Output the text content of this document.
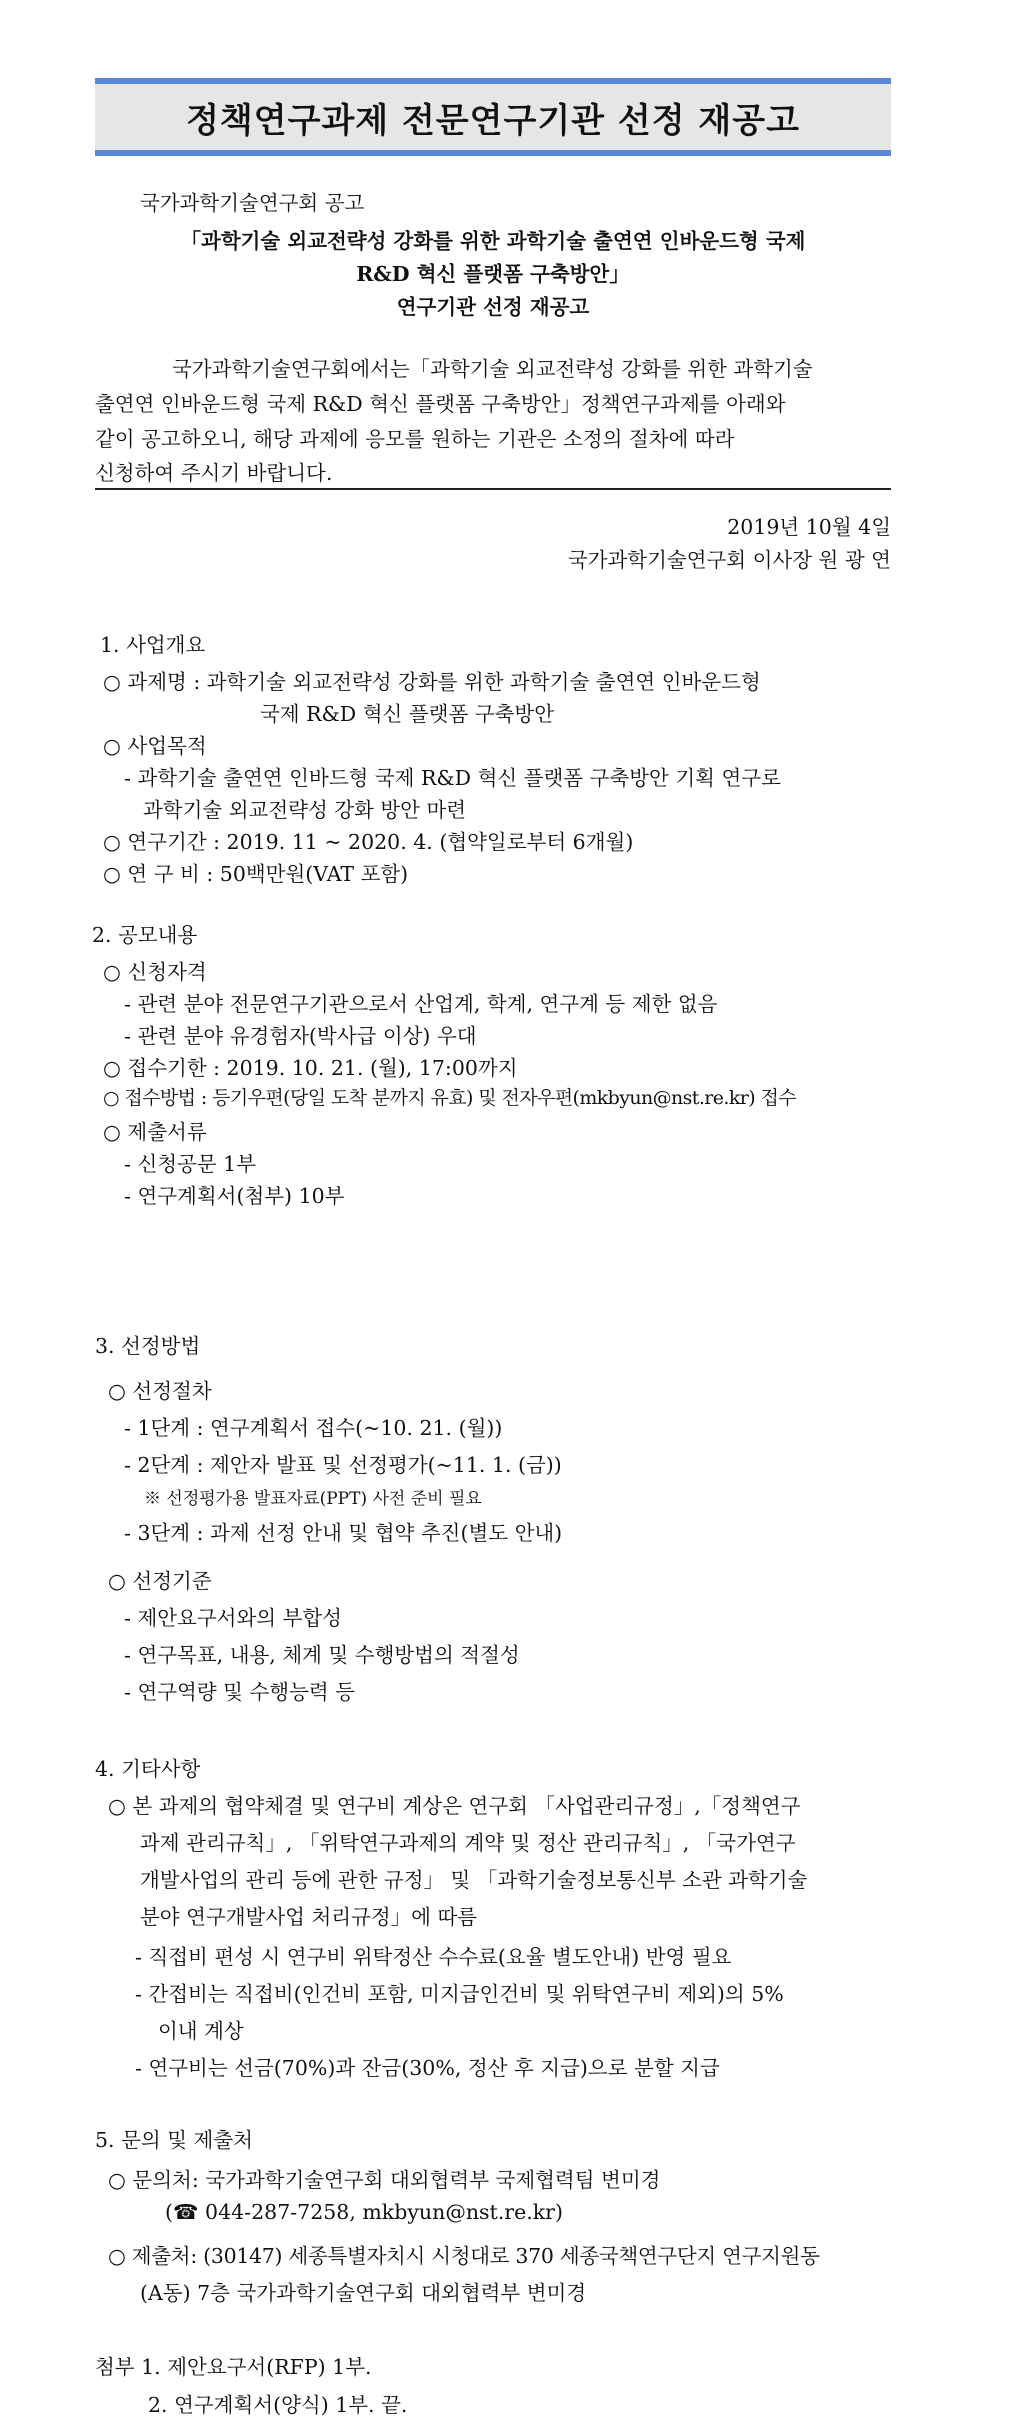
정책연구과제 전문연구기관 선정 재공고
국가과학기술연구회 공고
「과학기술 외교전략성 강화를 위한 과학기술 출연연 인바운드형 국제
R&D 혁신 플랫폼 구축방안」
연구기관 선정 재공고
국가과학기술연구회에서는「과학기술 외교전략성 강화를 위한 과학기술
출연연 인바운드형 국제 R&D 혁신 플랫폼 구축방안」정책연구과제를 아래와
같이 공고하오니, 해당 과제에 응모를 원하는 기관은 소정의 절차에 따라
신청하여 주시기 바랍니다.
2019년 10월 4일
국가과학기술연구회 이사장 원 광 연
1. 사업개요
○ 과제명 : 과학기술 외교전략성 강화를 위한 과학기술 출연연 인바운드형
국제 R&D 혁신 플랫폼 구축방안
○ 사업목적
- 과학기술 출연연 인바드형 국제 R&D 혁신 플랫폼 구축방안 기획 연구로
과학기술 외교전략성 강화 방안 마련
○ 연구기간 : 2019. 11 ~ 2020. 4. (협약일로부터 6개월)
○ 연 구 비 : 50백만원(VAT 포함)
2. 공모내용
○ 신청자격
- 관련 분야 전문연구기관으로서 산업계, 학계, 연구계 등 제한 없음
- 관련 분야 유경험자(박사급 이상) 우대
○ 접수기한 : 2019. 10. 21. (월), 17:00까지
○ 접수방법 : 등기우편(당일 도착 분까지 유효) 및 전자우편(mkbyun@nst.re.kr) 접수
○ 제출서류
- 신청공문 1부
- 연구계획서(첨부) 10부
3. 선정방법
○ 선정절차
- 1단계 : 연구계획서 접수(~10. 21. (월))
- 2단계 : 제안자 발표 및 선정평가(~11. 1. (금))
※ 선정평가용 발표자료(PPT) 사전 준비 필요
- 3단계 : 과제 선정 안내 및 협약 추진(별도 안내)
○ 선정기준
- 제안요구서와의 부합성
- 연구목표, 내용, 체계 및 수행방법의 적절성
- 연구역량 및 수행능력 등
4. 기타사항
○ 본 과제의 협약체결 및 연구비 계상은 연구회 「사업관리규정」,「정책연구
과제 관리규칙」, 「위탁연구과제의 계약 및 정산 관리규칙」, 「국가연구
개발사업의 관리 등에 관한 규정」 및 「과학기술정보통신부 소관 과학기술
분야 연구개발사업 처리규정」에 따름
- 직접비 편성 시 연구비 위탁정산 수수료(요율 별도안내) 반영 필요
- 간접비는 직접비(인건비 포함, 미지급인건비 및 위탁연구비 제외)의 5%
이내 계상
- 연구비는 선금(70%)과 잔금(30%, 정산 후 지급)으로 분할 지급
5. 문의 및 제출처
○ 문의처: 국가과학기술연구회 대외협력부 국제협력팀 변미경
(☎ 044-287-7258, mkbyun@nst.re.kr)
○ 제출처: (30147) 세종특별자치시 시청대로 370 세종국책연구단지 연구지원동
(A동) 7층 국가과학기술연구회 대외협력부 변미경
첨부 1. 제안요구서(RFP) 1부.
2. 연구계획서(양식) 1부. 끝.
